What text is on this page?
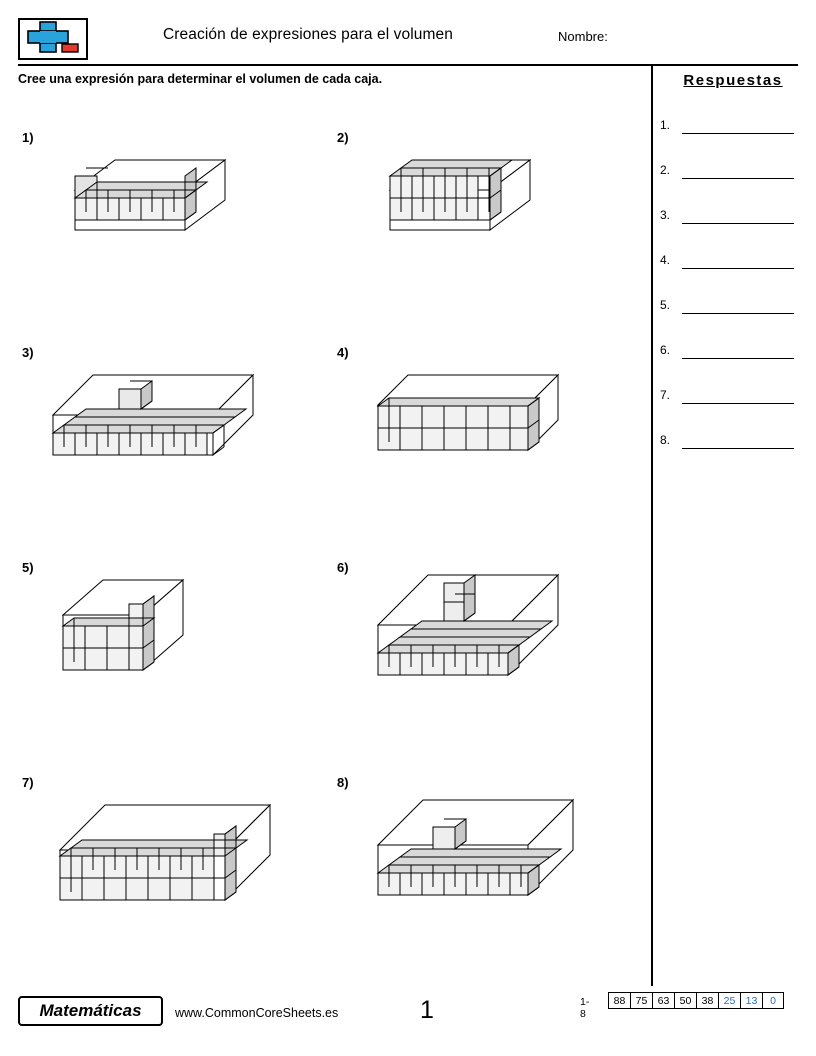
Creación de expresiones para el volumen	Nombre:
Cree una expresión para determinar el volumen de cada caja.	Respuestas
1.
2.
3.
4.
5.
6.
7.
8.
1)	2)
3)	4)
5)	6)
7)	8)
Matemáticas	www.CommonCoreSheets.es	1	1-8
88 75 63 50 38 25 13	0
